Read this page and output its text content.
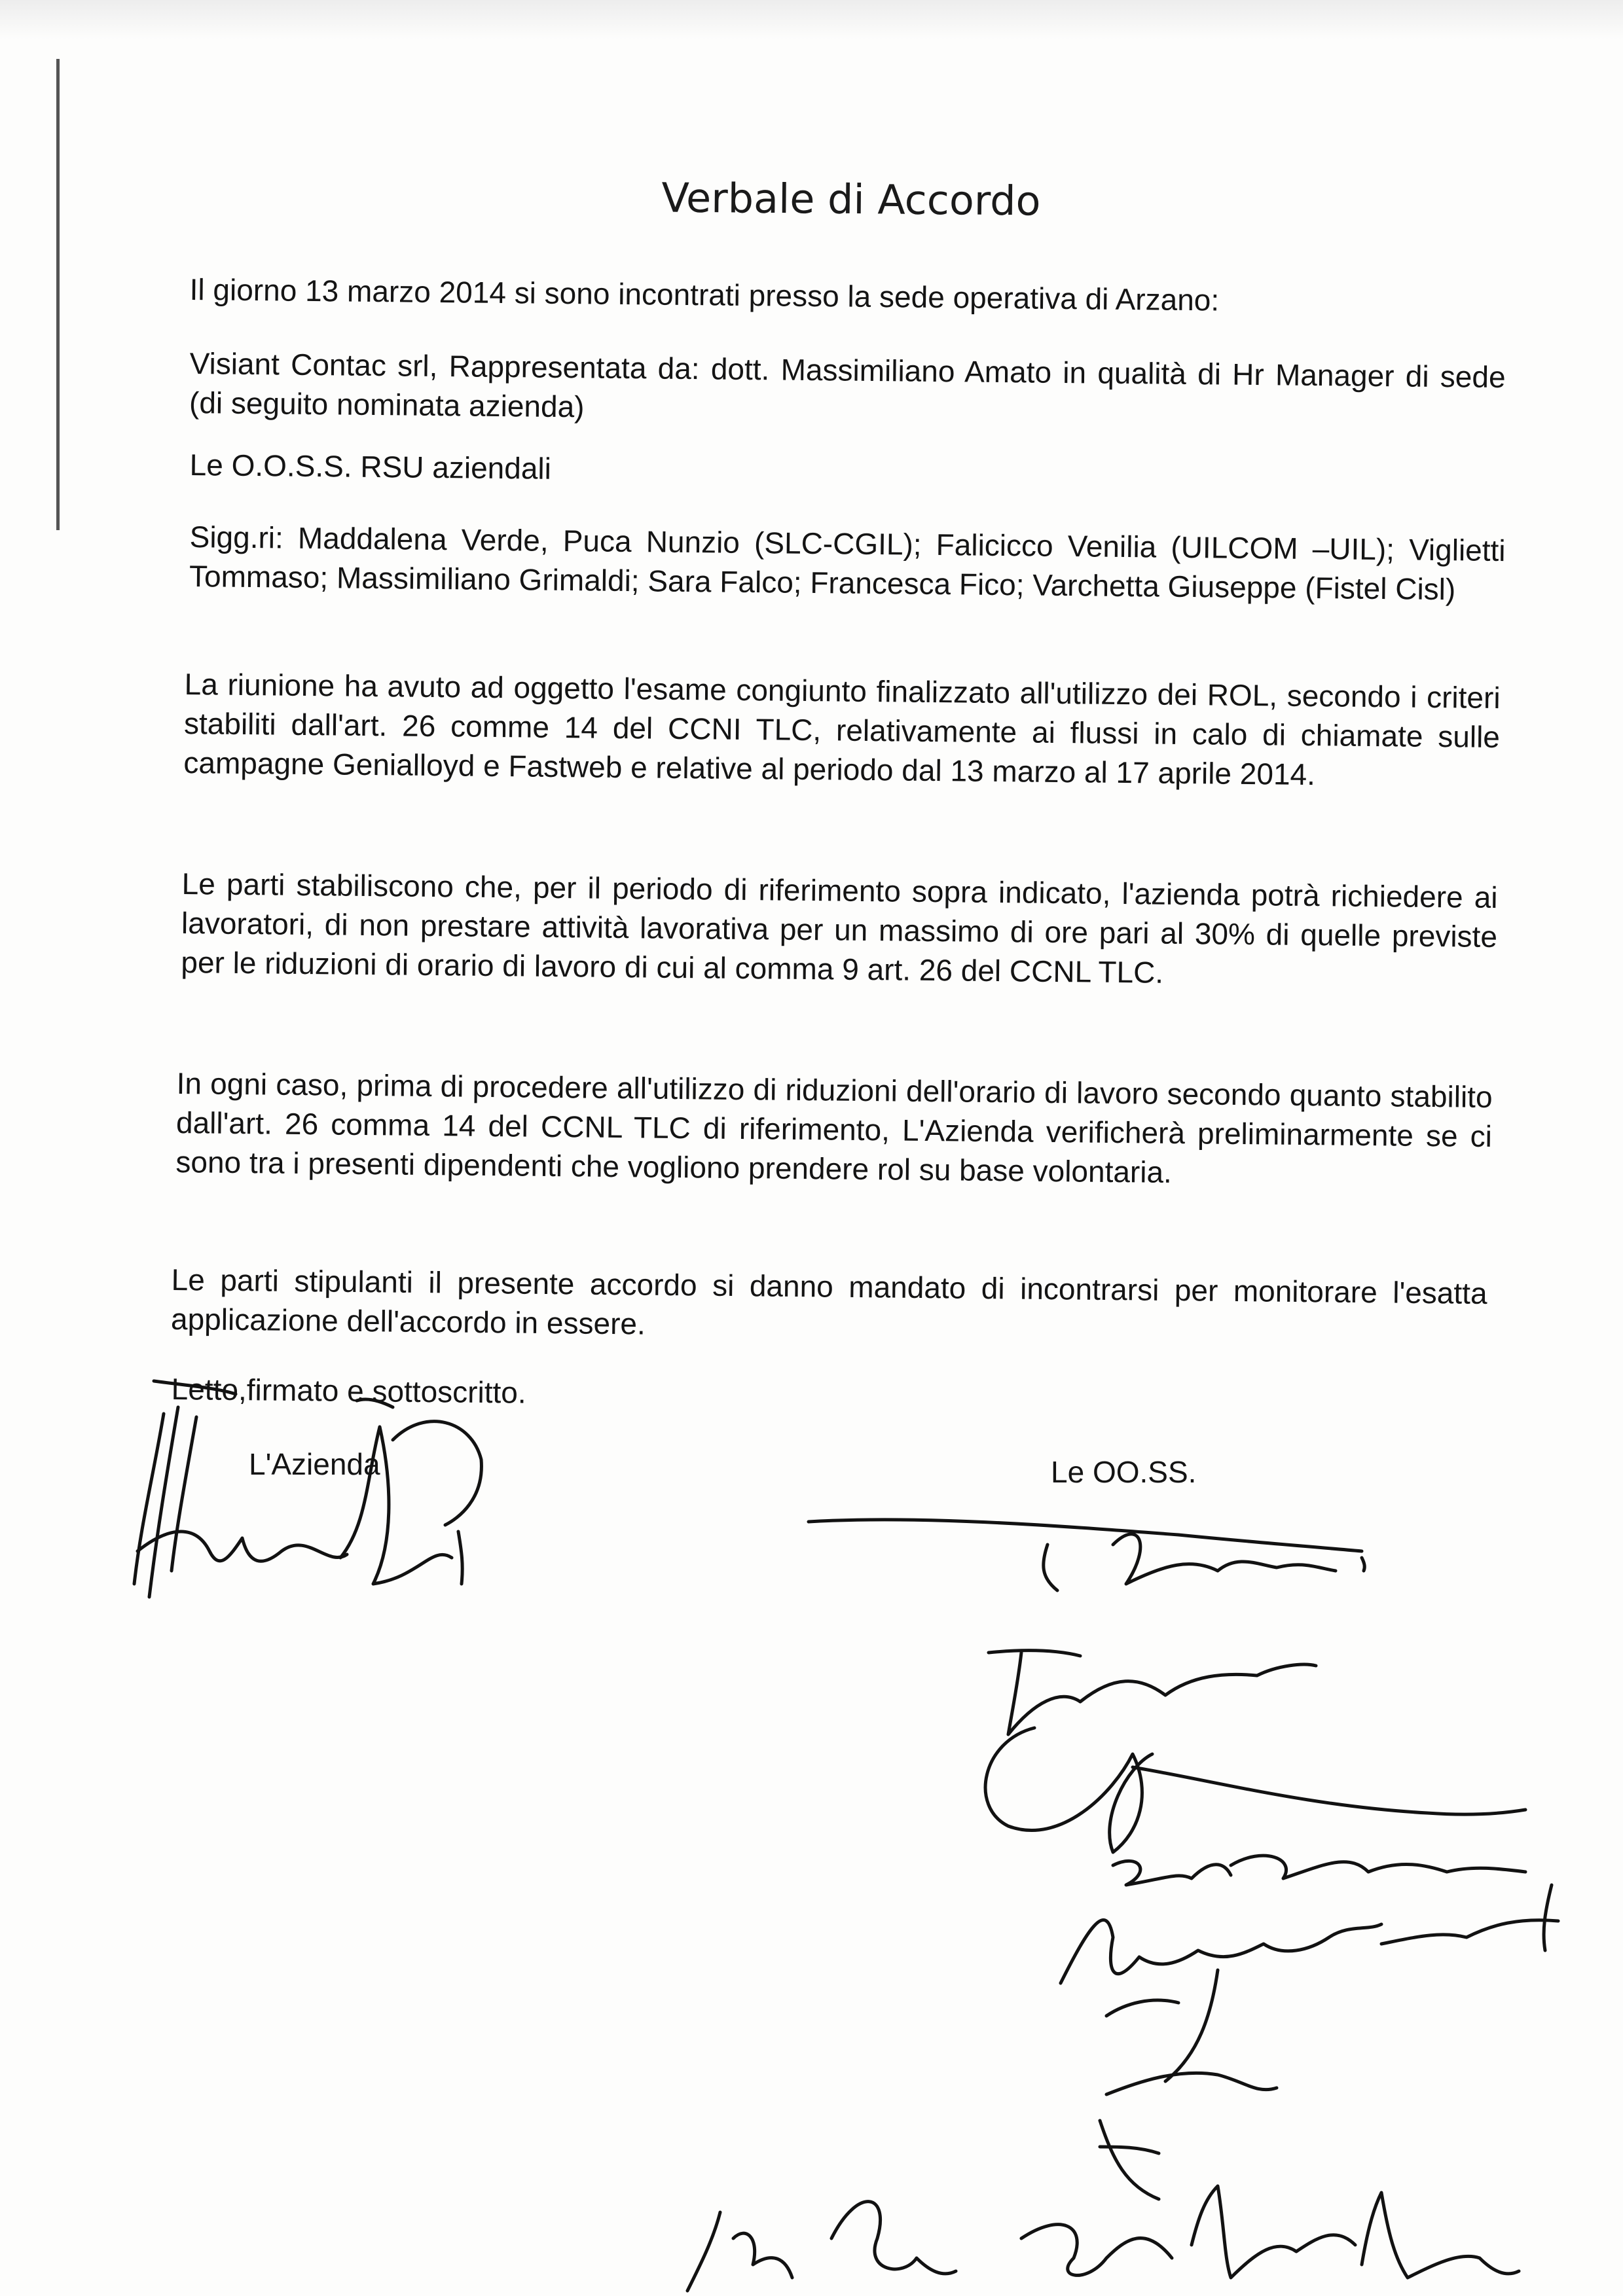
Verbale di Accordo

Il giorno 13 marzo 2014 si sono incontrati presso la sede operativa di Arzano:

Visiant Contac srl, Rappresentata da: dott. Massimiliano Amato in qualità di Hr Manager di sede (di seguito nominata azienda)

Le O.O.S.S. RSU aziendali

Sigg.ri: Maddalena Verde, Puca Nunzio (SLC-CGIL); Falicicco Venilia (UILCOM –UIL); Viglietti Tommaso; Massimiliano Grimaldi; Sara Falco; Francesca Fico; Varchetta Giuseppe (Fistel Cisl)

La riunione ha avuto ad oggetto l'esame congiunto finalizzato all'utilizzo dei ROL, secondo i criteri stabiliti dall'art. 26 comme 14 del CCNI TLC, relativamente ai flussi in calo di chiamate sulle campagne Genialloyd e Fastweb e relative al periodo dal 13 marzo al 17 aprile 2014.

Le parti stabiliscono che, per il periodo di riferimento sopra indicato, l'azienda potrà richiedere ai lavoratori, di non prestare attività lavorativa per un massimo di ore pari al 30% di quelle previste per le riduzioni di orario di lavoro di cui al comma 9 art. 26 del CCNL TLC.

In ogni caso, prima di procedere all'utilizzo di riduzioni dell'orario di lavoro secondo quanto stabilito dall'art. 26 comma 14 del CCNL TLC di riferimento, L'Azienda verificherà preliminarmente se ci sono tra i presenti dipendenti che vogliono prendere rol su base volontaria.

Le parti stipulanti il presente accordo si danno mandato di incontrarsi per monitorare l'esatta applicazione dell'accordo in essere.

Letto,firmato e sottoscritto.

L'Azienda	Le OO.SS.
